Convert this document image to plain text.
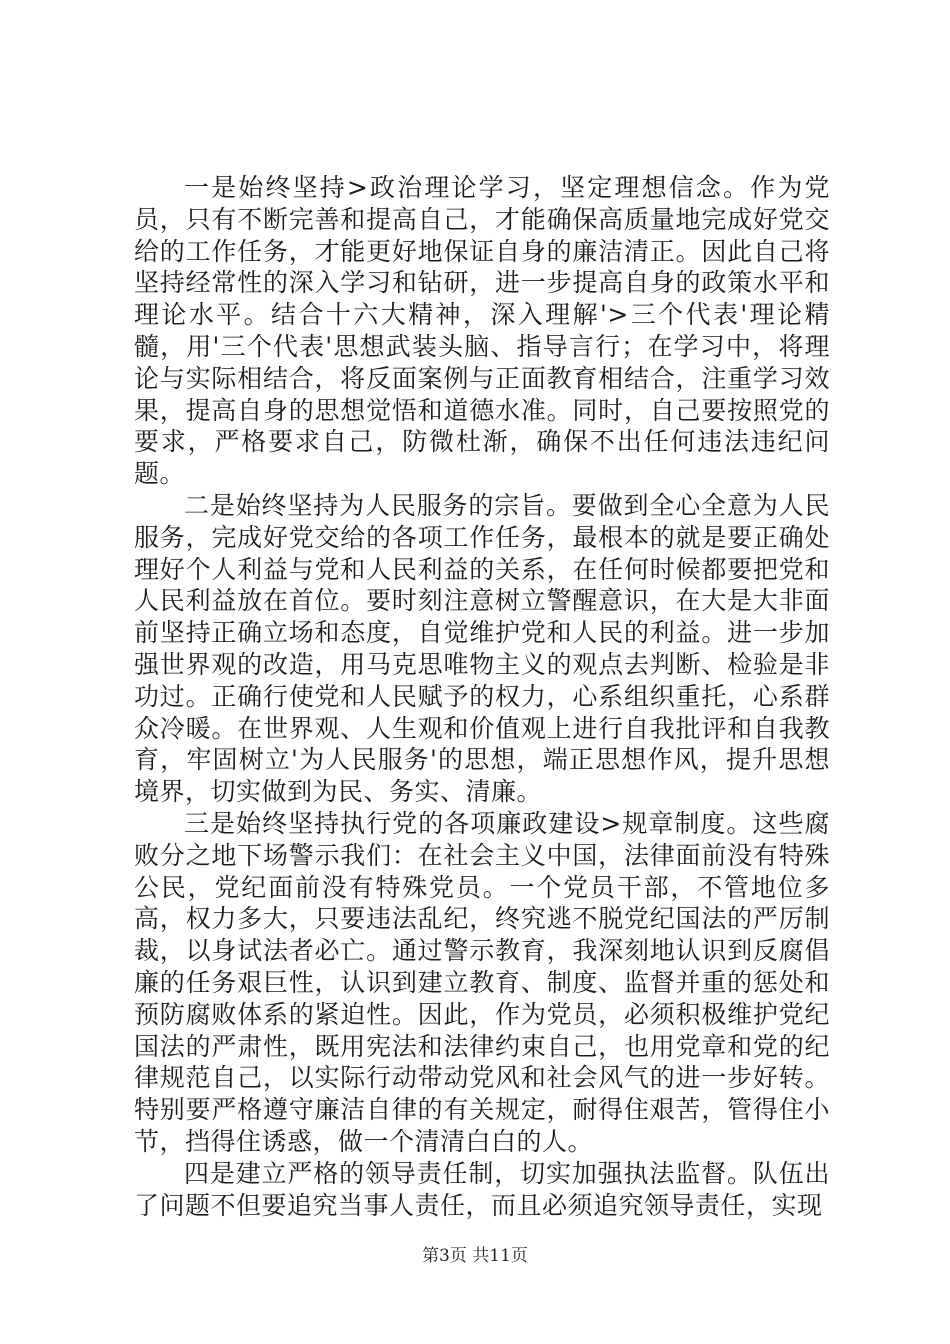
一是始终坚持>政治理论学习，坚定理想信念。作为党员，只有不断完善和提高自己，才能确保高质量地完成好党交给的工作任务，才能更好地保证自身的廉洁清正。因此自己将坚持经常性的深入学习和钻研，进一步提高自身的政策水平和理论水平。结合十六大精神，深入理解'>三个代表'理论精髓，用'三个代表'思想武装头脑、指导言行；在学习中，将理论与实际相结合，将反面案例与正面教育相结合，注重学习效果，提高自身的思想觉悟和道德水准。同时，自己要按照党的要求，严格要求自己，防微杜渐，确保不出任何违法违纪问题。

二是始终坚持为人民服务的宗旨。要做到全心全意为人民服务，完成好党交给的各项工作任务，最根本的就是要正确处理好个人利益与党和人民利益的关系，在任何时候都要把党和人民利益放在首位。要时刻注意树立警醒意识，在大是大非面前坚持正确立场和态度，自觉维护党和人民的利益。进一步加强世界观的改造，用马克思唯物主义的观点去判断、检验是非功过。正确行使党和人民赋予的权力，心系组织重托，心系群众冷暖。在世界观、人生观和价值观上进行自我批评和自我教育，牢固树立'为人民服务'的思想，端正思想作风，提升思想境界，切实做到为民、务实、清廉。

三是始终坚持执行党的各项廉政建设>规章制度。这些腐败分之地下场警示我们：在社会主义中国，法律面前没有特殊公民，党纪面前没有特殊党员。一个党员干部，不管地位多高，权力多大，只要违法乱纪，终究逃不脱党纪国法的严厉制裁，以身试法者必亡。通过警示教育，我深刻地认识到反腐倡廉的任务艰巨性，认识到建立教育、制度、监督并重的惩处和预防腐败体系的紧迫性。因此，作为党员，必须积极维护党纪国法的严肃性，既用宪法和法律约束自己，也用党章和党的纪律规范自己，以实际行动带动党风和社会风气的进一步好转。特别要严格遵守廉洁自律的有关规定，耐得住艰苦，管得住小节，挡得住诱惑，做一个清清白白的人。

四是建立严格的领导责任制，切实加强执法监督。队伍出了问题不但要追究当事人责任，而且必须追究领导责任，实现

第3页 共11页
